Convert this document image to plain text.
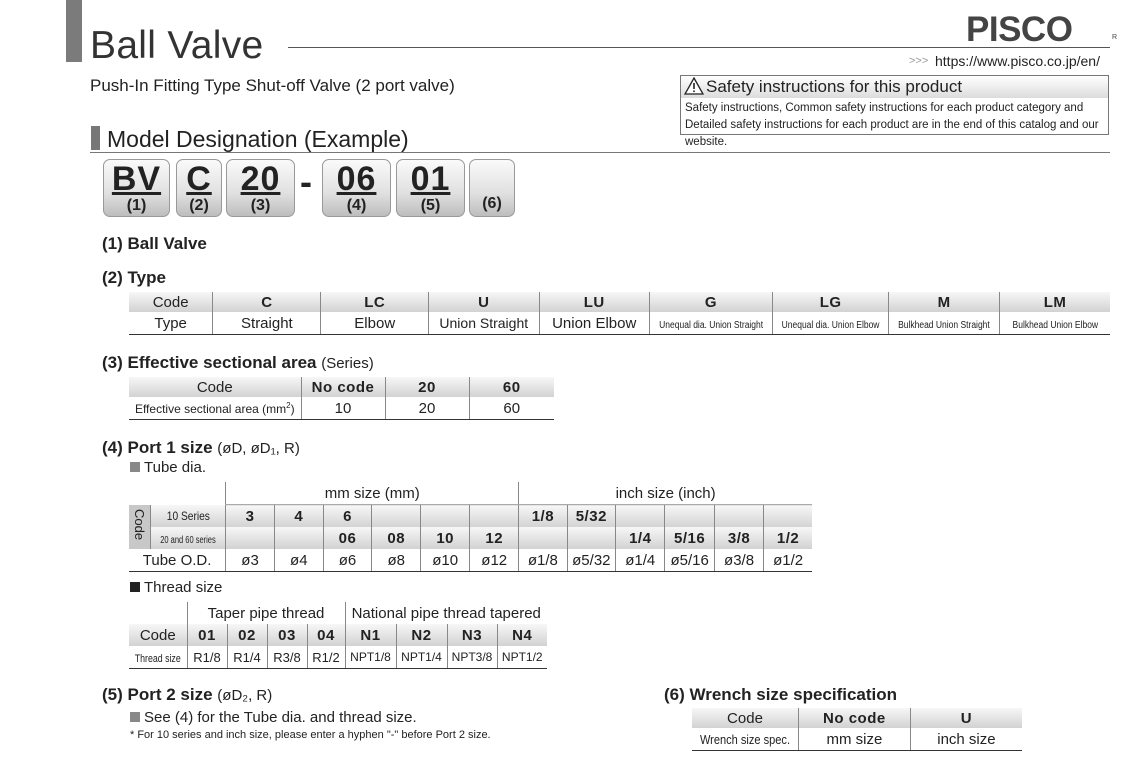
Ball Valve	PISCO	R
>>> https://www.pisco.co.jp/en/
Push-In Fitting Type Shut-off Valve (2 port valve)	Safety instructions for this product
Safety instructions, Common safety instructions for each product category and Detailed safety instructions for each product are in the end of this catalog and our website.
Model Designation (Example)
BV
(1)
C
(2)
20
(3)
- 06
(4)
01
(5)	(6)
(1) Ball Valve
(2) Type
Code	C	LC	U	LU	G	LG	M	LM
Type	Straight	Elbow	Union Straight	Union Elbow	Unequal dia. Union Straight	Unequal dia. Union Elbow	Bulkhead Union Straight	Bulkhead Union Elbow
(3) Effective sectional area (Series)
Code	No code	20	60
Effective sectional area $(mm^2)$	10	20	60
(4) Port 1 size (øD, øD₁, R)
Tube dia.
		mm size (mm)						inch size (inch)					
Code	10 Series	3	4	6				1/8	5/32				
	20 and 60 series			06	08	10	12			1/4	5/16	3/8	1/2
Tube O.D.		ø3	ø4	ø6	ø8	ø10	ø12	ø1/8	ø5/32	ø1/4	ø5/16	ø3/8	ø1/2
Thread size
	Taper pipe thread				National pipe thread tapered			
Code	01	02	03	04	N1	N2	N3	N4
Thread size	R1/8	R1/4	R3/8	R1/2	NPT1/8	NPT1/4	NPT3/8	NPT1/2
(5) Port 2 size (øD₂, R)
See (4) for the Tube dia. and thread size.
* For 10 series and inch size, please enter a hyphen "-" before Port 2 size.
(6) Wrench size specification
Code	No code	U
Wrench size spec.	mm size	inch size
